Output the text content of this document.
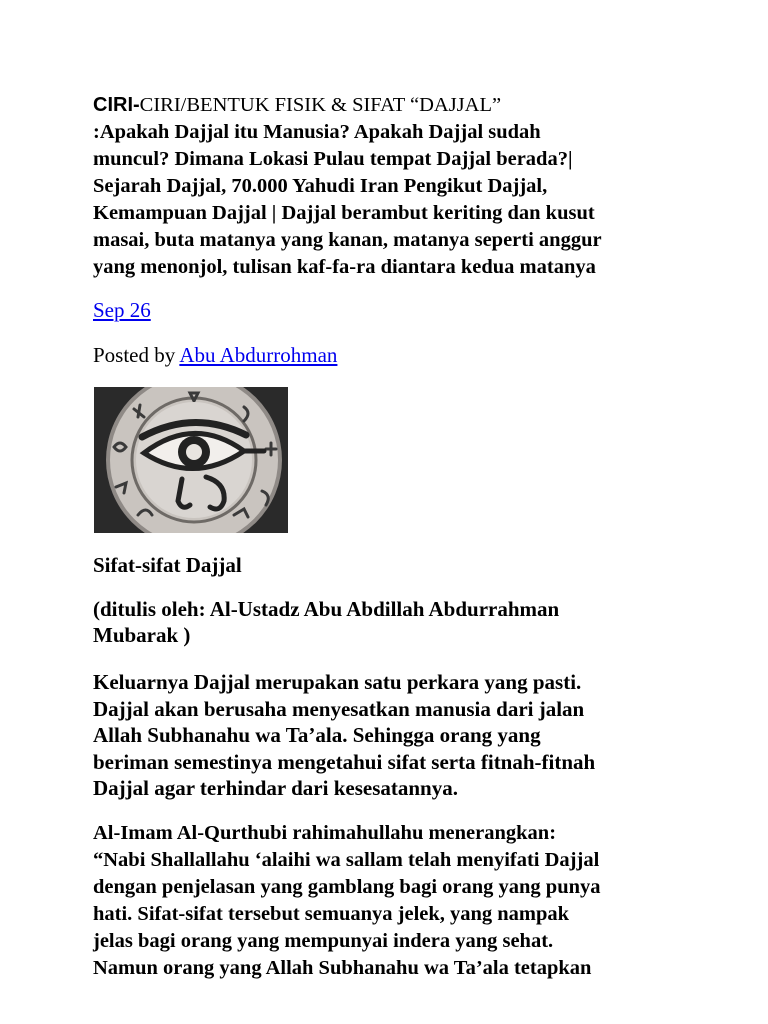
CIRI-CIRI/BENTUK FISIK & SIFAT “DAJJAL”
:Apakah Dajjal itu Manusia? Apakah Dajjal sudah
muncul? Dimana Lokasi Pulau tempat Dajjal berada?|
Sejarah Dajjal, 70.000 Yahudi Iran Pengikut Dajjal,
Kemampuan Dajjal | Dajjal berambut keriting dan kusut
masai, buta matanya yang kanan, matanya seperti anggur
yang menonjol, tulisan kaf-fa-ra diantara kedua matanya
Sep 26
Posted by Abu Abdurrohman
Sifat-sifat Dajjal

(ditulis oleh: Al-Ustadz Abu Abdillah Abdurrahman
Mubarak )

Keluarnya Dajjal merupakan satu perkara yang pasti.
Dajjal akan berusaha menyesatkan manusia dari jalan
Allah Subhanahu wa Ta’ala. Sehingga orang yang
beriman semestinya mengetahui sifat serta fitnah-fitnah
Dajjal agar terhindar dari kesesatannya.

Al-Imam Al-Qurthubi rahimahullahu menerangkan:
“Nabi Shallallahu ‘alaihi wa sallam telah menyifati Dajjal
dengan penjelasan yang gamblang bagi orang yang punya
hati. Sifat-sifat tersebut semuanya jelek, yang nampak
jelas bagi orang yang mempunyai indera yang sehat.
Namun orang yang Allah Subhanahu wa Ta’ala tetapkan
